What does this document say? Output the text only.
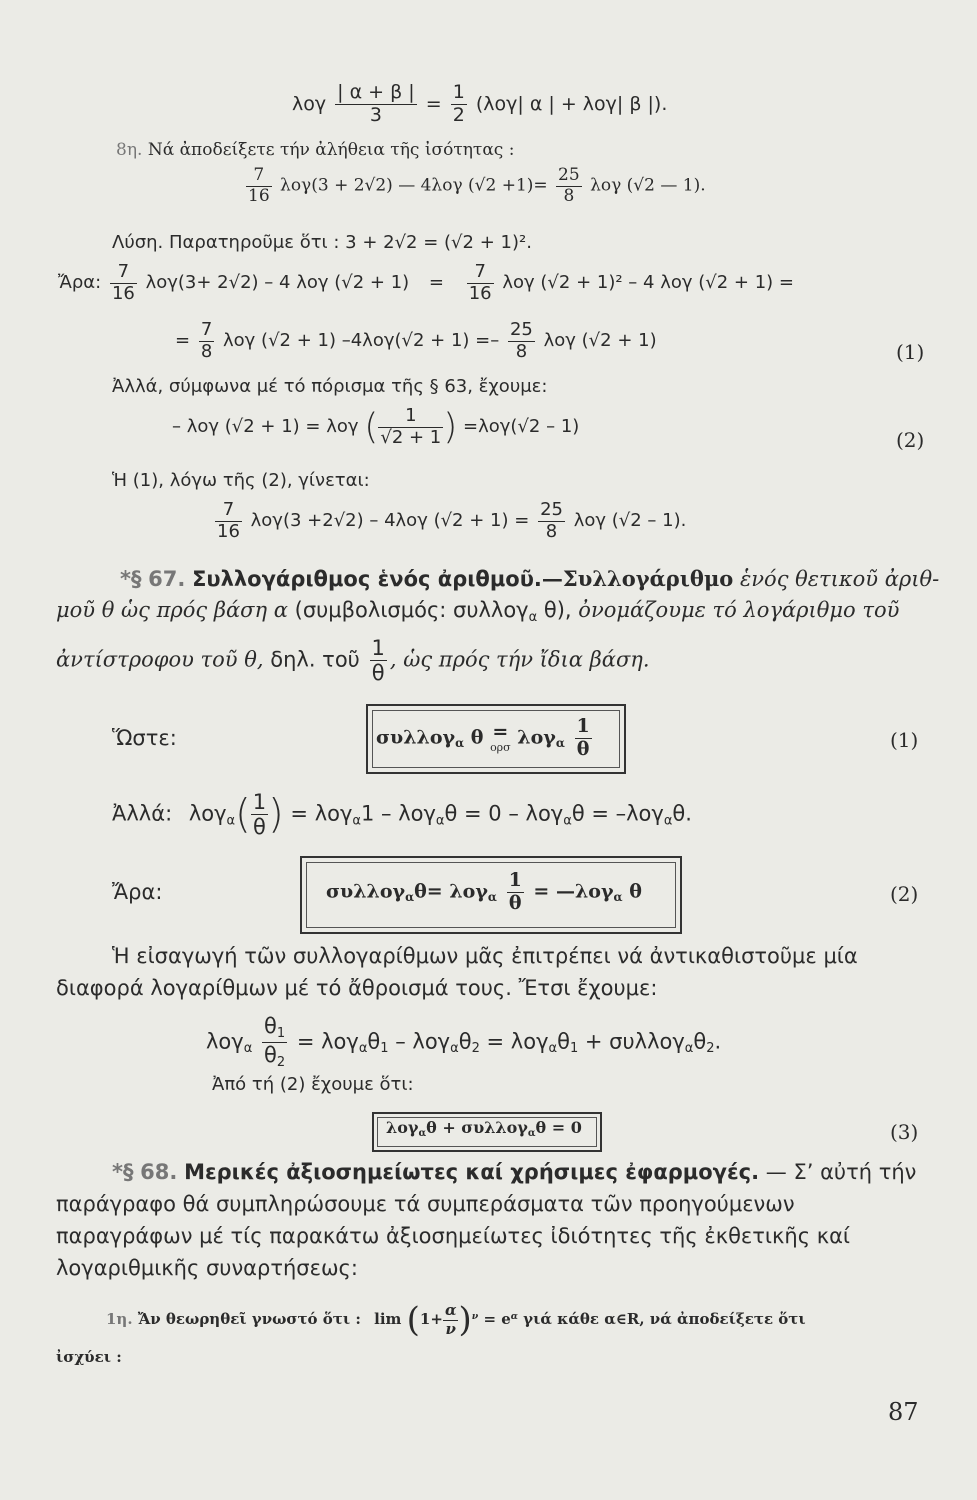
λογ $\frac{| \alpha + \beta |}{3} = \frac{1}{2} (\lambda o\gamma|$ α | + λογ| β |).
8η. Νά ἀποδείξετε τήν ἀλήθεια τῆς ἰσότητας :
$\frac{7}{16} \lambda o\gamma(3 + 2√2)$ — 4λογ $(√2 +1)= \frac{25}{8}$ λογ (√2 — 1).
Λύση. Παρατηροῦμε ὅτι : 3 + 2√2 = (√2 + 1)².
Ἄρα: $\frac{7}{16} \lambda o\gamma(3+ 2√2) - 4$ λογ $(√2 + 1) = \frac{7}{16}$ λογ (√2 + 1)² – 4 λογ (√2 + 1) =
= $\frac{7}{8}$ λογ (√2 + 1) $-4\lambda o\gamma(√2 + 1) =- \frac{25}{8}$ λογ (√2 + 1)	(1)
Ἀλλά, σύμφωνα μέ τό πόρισμα τῆς § 63, ἔχουμε:
– λογ (√2 + 1) = λογ ( $\frac{1}{√2 + 1}$ ) =λογ(√2 – 1)
(2)
Ἡ (1), λόγω τῆς (2), γίνεται:
$\frac{7}{16} \lambda o\gamma(3 +2√2) - 4\lambda o\gamma$ $(√2 + 1) = \frac{25}{8}$ λογ (√2 – 1).
*§ 67. Συλλογάριθμος ἑνός ἀριθμοῦ.—Συλλογάριθμο ἑνός θετικοῦ ἀριθ-
μοῦ θ ὡς πρός βάση α (συμβολισμός: συλλογ$_\alpha$ θ), ὀνομάζουμε τό λογάριθμο τοῦ
ἀντίστροφου τοῦ θ, δηλ. τοῦ $\frac{1}{\theta}$ , ὡς πρός τήν ἴδια βάση.
Ὥστε:	συλλογ$_\alpha$ θ =
ορσ $\lambda o\gamma_\alpha \frac{1}{\theta}$	(1)
Ἀλλά: $\lambda o\gamma_\alpha( \frac{1}{\theta}$ ) = λογ$_\alpha$1 – λογ$_\alpha$θ = 0 – λογ$_\alpha$θ = –λογ$_\alpha$θ.
Ἄρα:	$\sigma\upsilon\lambda\lambda o\gamma_\alpha\theta= \lambda o\gamma_\alpha \frac{1}{\theta}$ = —λογ$_\alpha$ θ	(2)
Ἡ εἰσαγωγή τῶν συλλογαρίθμων μᾶς ἐπιτρέπει νά ἀντικαθιστοῦμε μία διαφορά λογαρίθμων μέ τό ἄθροισμά τους. Ἔτσι ἔχουμε:
$\lambda o\gamma_\alpha \frac{\theta_1}{\theta_2} = \lambda o\gamma_\alpha\theta_1 - \lambda o\gamma_\alpha\theta_2 = \lambda o\gamma_\alpha\theta_1 + \sigma\upsilon\lambda\lambda o\gamma_\alpha\theta_2$.
Ἀπό τή (2) ἔχουμε ὅτι:
λογ$_\alpha$θ + συλλογ$_\alpha$θ = 0	(3)
*§ 68. Μερικές ἀξιοσημείωτες καί χρήσιμες ἐφαρμογές. — Σ’ αὐτή τήν παράγραφο θά συμπληρώσουμε τά συμπεράσματα τῶν προηγούμενων παραγράφων μέ τίς παρακάτω ἀξιοσημείωτες ἰδιότητες τῆς ἐκθετικῆς καί λογαριθμικῆς συναρτήσεως:
1η. Ἄν θεωρηθεῖ γνωστό ὅτι : $\lim (1+ \frac{\alpha}{\nu} )^\nu = e^\alpha$ γιά κάθε α∈R, νά ἀποδείξετε ὅτι
ἰσχύει :
87
